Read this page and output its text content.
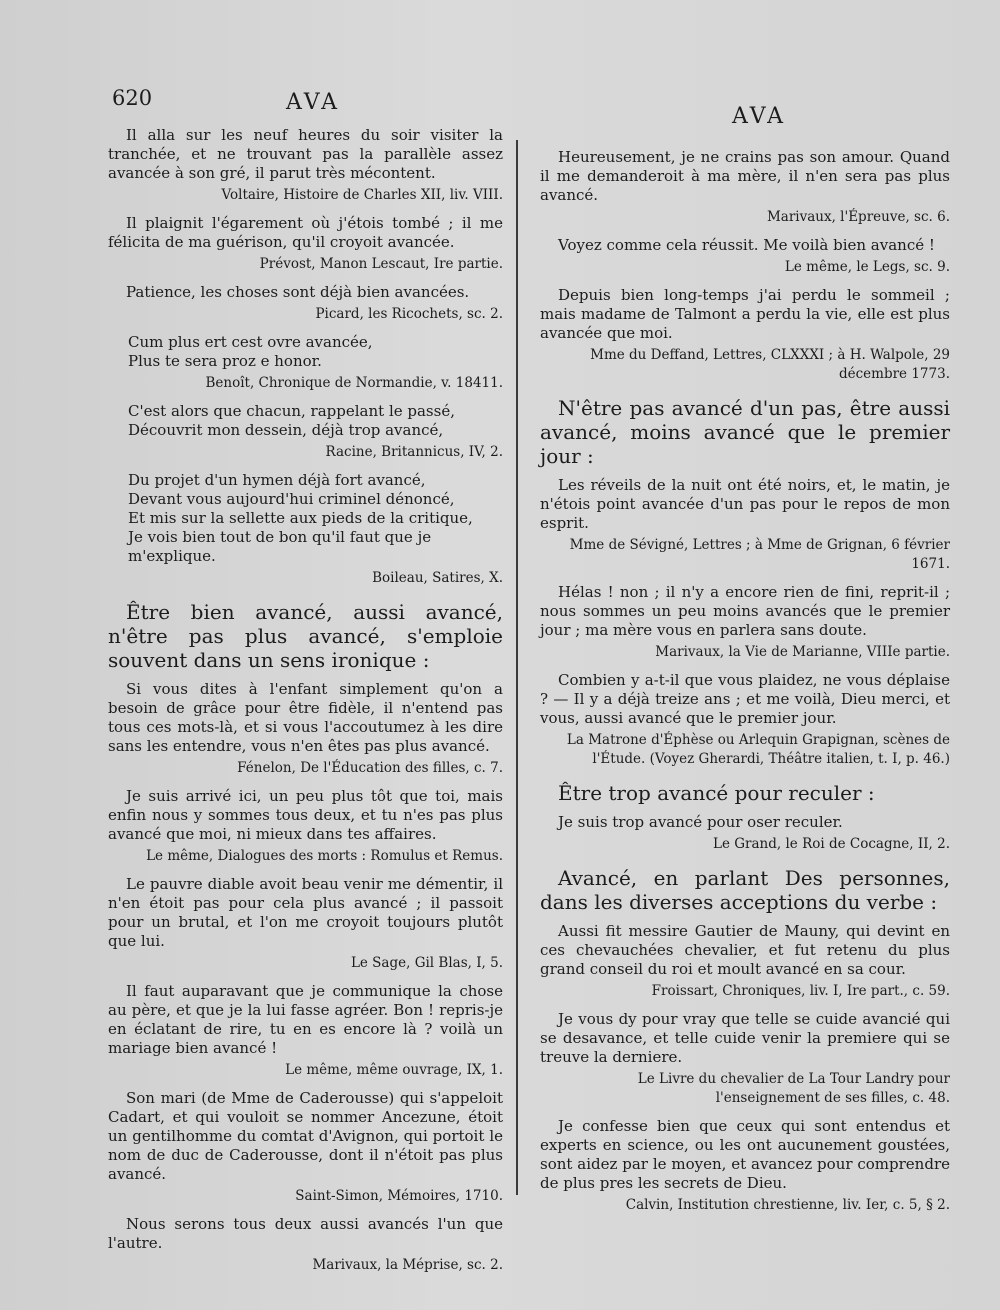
620	AVA
AVA

Il alla sur les neuf heures du soir visiter la tranchée, et ne trouvant pas la parallèle assez avancée à son gré, il parut très mécontent.

Voltaire, Histoire de Charles XII, liv. VIII.

Il plaignit l'égarement où j'étois tombé ; il me félicita de ma guérison, qu'il croyoit avancée.

Prévost, Manon Lescaut, Ire partie.

Patience, les choses sont déjà bien avancées.

Picard, les Ricochets, sc. 2.

Cum plus ert cest ovre avancée,
Plus te sera proz e honor.

Benoît, Chronique de Normandie, v. 18411.

C'est alors que chacun, rappelant le passé,
Découvrit mon dessein, déjà trop avancé,

Racine, Britannicus, IV, 2.

Du projet d'un hymen déjà fort avancé,
Devant vous aujourd'hui criminel dénoncé,
Et mis sur la sellette aux pieds de la critique,
Je vois bien tout de bon qu'il faut que je m'explique.

Boileau, Satires, X.
Être bien avancé, aussi avancé, n'être pas plus avancé, s'emploie souvent dans un sens ironique :

Si vous dites à l'enfant simplement qu'on a besoin de grâce pour être fidèle, il n'entend pas tous ces mots-là, et si vous l'accoutumez à les dire sans les entendre, vous n'en êtes pas plus avancé.

Fénelon, De l'Éducation des filles, c. 7.

Je suis arrivé ici, un peu plus tôt que toi, mais enfin nous y sommes tous deux, et tu n'es pas plus avancé que moi, ni mieux dans tes affaires.

Le même, Dialogues des morts : Romulus et Remus.

Le pauvre diable avoit beau venir me démentir, il n'en étoit pas pour cela plus avancé ; il passoit pour un brutal, et l'on me croyoit toujours plutôt que lui.

Le Sage, Gil Blas, I, 5.

Il faut auparavant que je communique la chose au père, et que je la lui fasse agréer. Bon ! repris-je en éclatant de rire, tu en es encore là ? voilà un mariage bien avancé !

Le même, même ouvrage, IX, 1.

Son mari (de Mme de Caderousse) qui s'appeloit Cadart, et qui vouloit se nommer Ancezune, étoit un gentilhomme du comtat d'Avignon, qui portoit le nom de duc de Caderousse, dont il n'étoit pas plus avancé.

Saint-Simon, Mémoires, 1710.

Nous serons tous deux aussi avancés l'un que l'autre.

Marivaux, la Méprise, sc. 2.

Heureusement, je ne crains pas son amour. Quand il me demanderoit à ma mère, il n'en sera pas plus avancé.

Marivaux, l'Épreuve, sc. 6.

Voyez comme cela réussit. Me voilà bien avancé !

Le même, le Legs, sc. 9.

Depuis bien long-temps j'ai perdu le sommeil ; mais madame de Talmont a perdu la vie, elle est plus avancée que moi.

Mme du Deffand, Lettres, CLXXXI ; à H. Walpole, 29 décembre 1773.
N'être pas avancé d'un pas, être aussi avancé, moins avancé que le premier jour :

Les réveils de la nuit ont été noirs, et, le matin, je n'étois point avancée d'un pas pour le repos de mon esprit.

Mme de Sévigné, Lettres ; à Mme de Grignan, 6 février 1671.

Hélas ! non ; il n'y a encore rien de fini, reprit-il ; nous sommes un peu moins avancés que le premier jour ; ma mère vous en parlera sans doute.

Marivaux, la Vie de Marianne, VIIIe partie.

Combien y a-t-il que vous plaidez, ne vous déplaise ? — Il y a déjà treize ans ; et me voilà, Dieu merci, et vous, aussi avancé que le premier jour.

La Matrone d'Éphèse ou Arlequin Grapignan, scènes de l'Étude. (Voyez Gherardi, Théâtre italien, t. I, p. 46.)
Être trop avancé pour reculer :

Je suis trop avancé pour oser reculer.

Le Grand, le Roi de Cocagne, II, 2.
Avancé, en parlant Des personnes, dans les diverses acceptions du verbe :

Aussi fit messire Gautier de Mauny, qui devint en ces chevauchées chevalier, et fut retenu du plus grand conseil du roi et moult avancé en sa cour.

Froissart, Chroniques, liv. I, Ire part., c. 59.

Je vous dy pour vray que telle se cuide avancié qui se desavance, et telle cuide venir la premiere qui se treuve la derniere.

Le Livre du chevalier de La Tour Landry pour l'enseignement de ses filles, c. 48.

Je confesse bien que ceux qui sont entendus et experts en science, ou les ont aucunement goustées, sont aidez par le moyen, et avancez pour comprendre de plus pres les secrets de Dieu.

Calvin, Institution chrestienne, liv. Ier, c. 5, § 2.
